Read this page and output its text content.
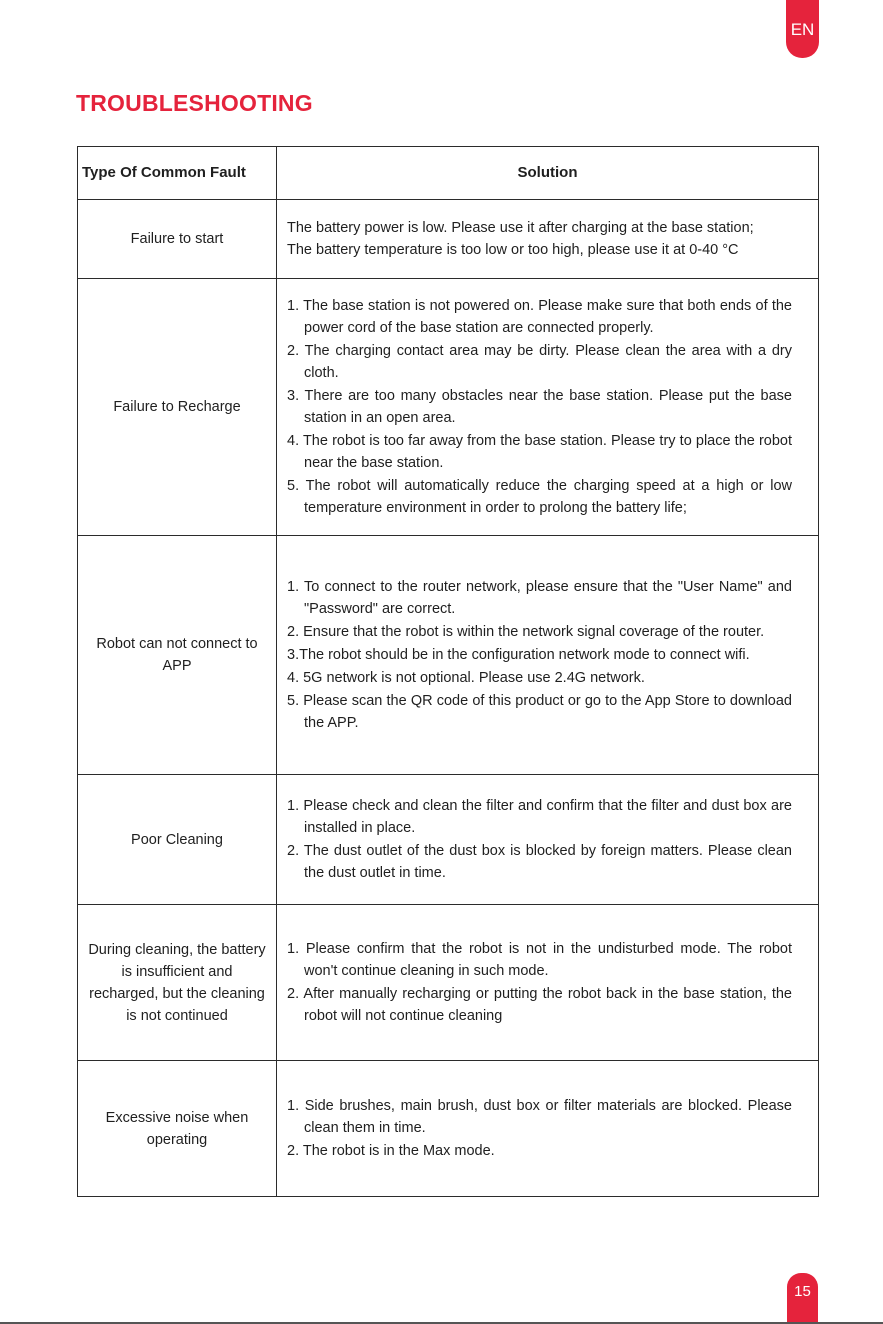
EN
TROUBLESHOOTING
Type Of Common Fault	Solution
Failure to start	The battery power is low. Please use it after charging at the base station;

The battery temperature is too low or too high, please use it at 0-40 °C

Failure to Recharge	1. The base station is not powered on. Please make sure that both ends of the power cord of the base station are connected properly.

2. The charging contact area may be dirty. Please clean the area with a dry cloth.

3. There are too many obstacles near the base station. Please put the base station in an open area.

4. The robot is too far away from the base station. Please try to place the robot near the base station.

5. The robot will automatically reduce the charging speed at a high or low temperature environment in order to prolong the battery life;

Robot can not connect to APP	1. To connect to the router network, please ensure that the "User Name" and "Password" are correct.

2. Ensure that the robot is within the network signal coverage of the router.

3.The robot should be in the configuration network mode to connect wifi.

4. 5G network is not optional. Please use 2.4G network.

5. Please scan the QR code of this product or go to the App Store to download the APP.

Poor Cleaning	1. Please check and clean the filter and confirm that the filter and dust box are installed in place.

2. The dust outlet of the dust box is blocked by foreign matters. Please clean the dust outlet in time.

During cleaning, the battery is insufficient and recharged, but the cleaning is not continued	1. Please confirm that the robot is not in the undisturbed mode. The robot won't continue cleaning in such mode.

2. After manually recharging or putting the robot back in the base station, the robot will not continue cleaning

Excessive noise when operating	1. Side brushes, main brush, dust box or filter materials are blocked. Please clean them in time.

2. The robot is in the Max mode.

15
